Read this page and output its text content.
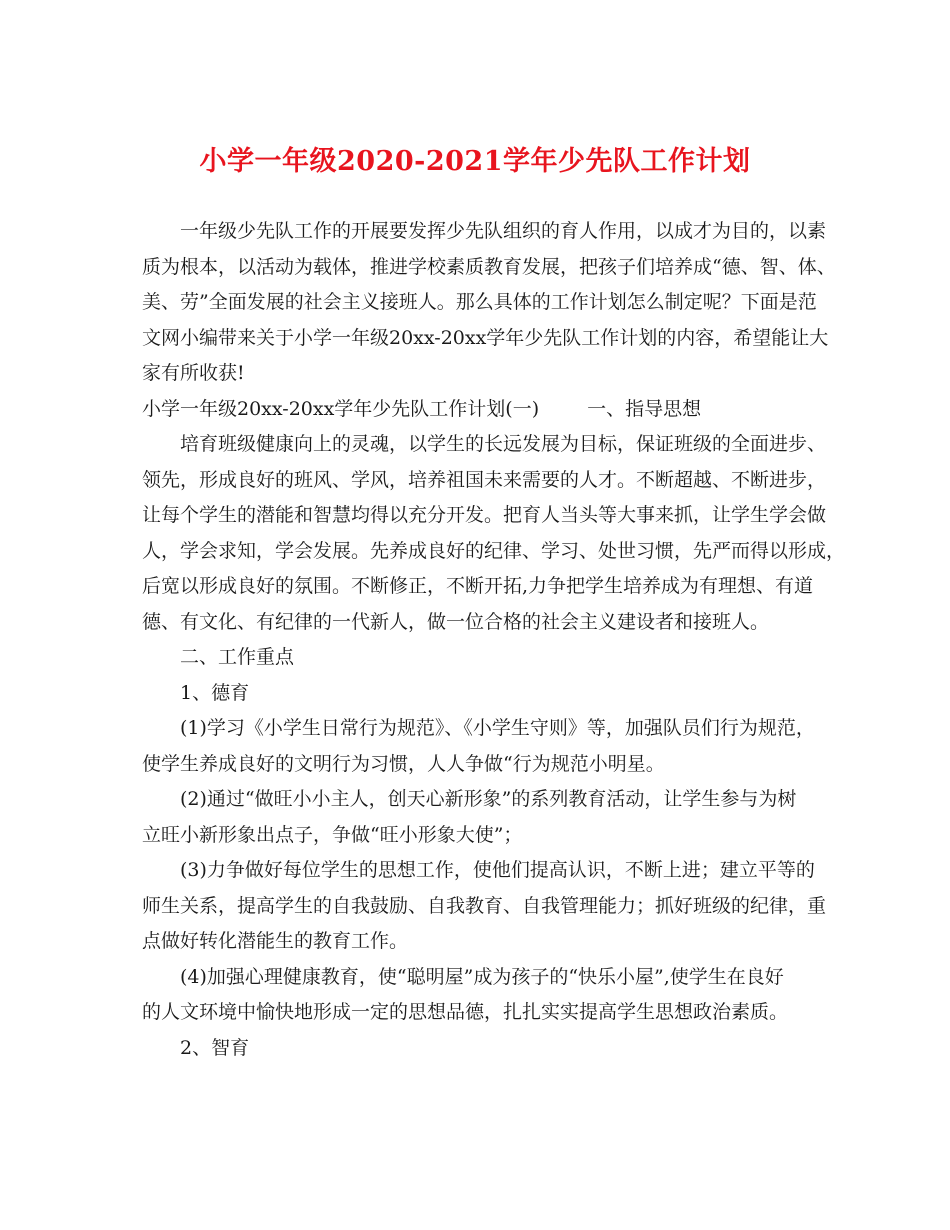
小学一年级2020-2021学年少先队工作计划
一年级少先队工作的开展要发挥少先队组织的育人作用，以成才为目的，以素
质为根本，以活动为载体，推进学校素质教育发展，把孩子们培养成“德、智、体、
美、劳”全面发展的社会主义接班人。那么具体的工作计划怎么制定呢？下面是范
文网小编带来关于小学一年级20xx-20xx学年少先队工作计划的内容，希望能让大
家有所收获!
小学一年级20xx-20xx学年少先队工作计划(一)	一、指导思想
培育班级健康向上的灵魂，以学生的长远发展为目标，保证班级的全面进步、
领先，形成良好的班风、学风，培养祖国未来需要的人才。不断超越、不断进步，
让每个学生的潜能和智慧均得以充分开发。把育人当头等大事来抓，让学生学会做
人，学会求知，学会发展。先养成良好的纪律、学习、处世习惯，先严而得以形成，
后宽以形成良好的氛围。不断修正，不断开拓,力争把学生培养成为有理想、有道
德、有文化、有纪律的一代新人，做一位合格的社会主义建设者和接班人。
二、工作重点
1、德育
(1)学习《小学生日常行为规范》、《小学生守则》等，加强队员们行为规范，
使学生养成良好的文明行为习惯，人人争做“行为规范小明星。
(2)通过“做旺小小主人，创天心新形象”的系列教育活动，让学生参与为树
立旺小新形象出点子，争做“旺小形象大使”；
(3)力争做好每位学生的思想工作，使他们提高认识，不断上进；建立平等的
师生关系，提高学生的自我鼓励、自我教育、自我管理能力；抓好班级的纪律，重
点做好转化潜能生的教育工作。
(4)加强心理健康教育，使“聪明屋”成为孩子的“快乐小屋”,使学生在良好
的人文环境中愉快地形成一定的思想品德，扎扎实实提高学生思想政治素质。
2、智育
